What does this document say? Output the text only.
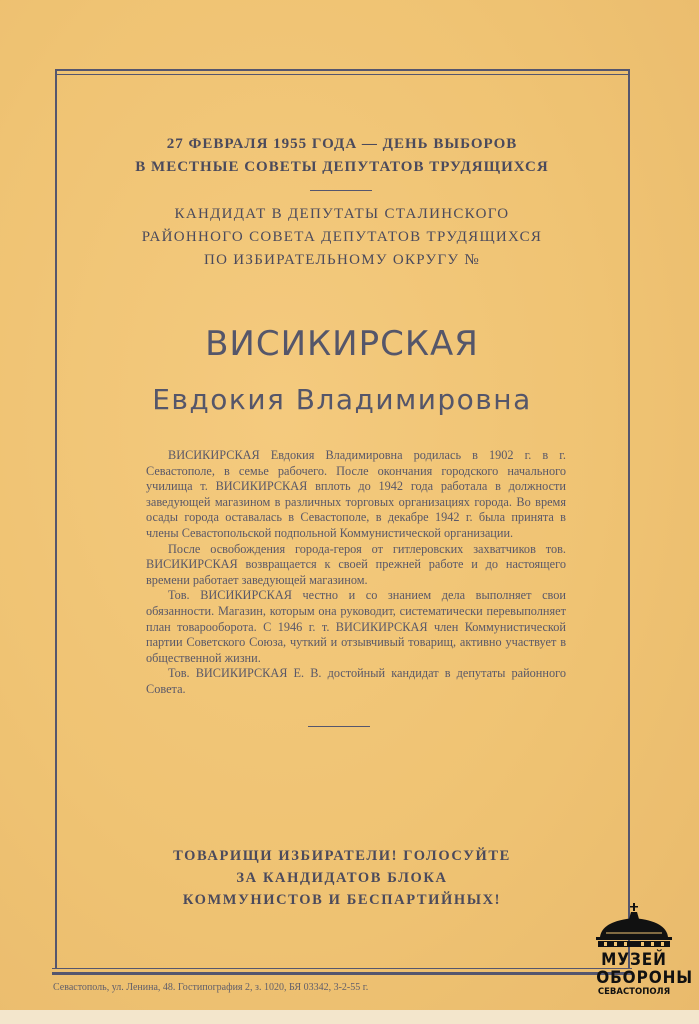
27 ФЕВРАЛЯ 1955 ГОДА — ДЕНЬ ВЫБОРОВ
В МЕСТНЫЕ СОВЕТЫ ДЕПУТАТОВ ТРУДЯЩИХСЯ
КАНДИДАТ В ДЕПУТАТЫ СТАЛИНСКОГО
РАЙОННОГО СОВЕТА ДЕПУТАТОВ ТРУДЯЩИХСЯ
ПО ИЗБИРАТЕЛЬНОМУ ОКРУГУ №
ВИСИКИРСКАЯ
Евдокия Владимировна

ВИСИКИРСКАЯ Евдокия Владимировна родилась в 1902 г. в г. Севастополе, в семье рабочего. После окончания городского начального училища т. ВИСИКИРСКАЯ вплоть до 1942 года работала в должности заведующей магазином в различных торговых организациях города. Во время осады города оставалась в Севастополе, в декабре 1942 г. была принята в члены Севастопольской подпольной Коммунистической организации.

После освобождения города-героя от гитлеровских захватчиков тов. ВИСИКИРСКАЯ возвращается к своей прежней работе и до настоящего времени работает заведующей магазином.

Тов. ВИСИКИРСКАЯ честно и со знанием дела выполняет свои обязанности. Магазин, которым она руководит, систематически перевыполняет план товарооборота. С 1946 г. т. ВИСИКИРСКАЯ член Коммунистической партии Советского Союза, чуткий и отзывчивый товарищ, активно участвует в общественной жизни.

Тов. ВИСИКИРСКАЯ Е. В. достойный кандидат в депутаты районного Совета.

ТОВАРИЩИ ИЗБИРАТЕЛИ! ГОЛОСУЙТЕ
ЗА КАНДИДАТОВ БЛОКА
КОММУНИСТОВ И БЕСПАРТИЙНЫХ!
Севастополь, ул. Ленина, 48. Гостипография 2, з. 1020, БЯ 03342, 3-2-55 г.
МУЗЕЙ
ОБОРОНЫ
СЕВАСТОПОЛЯ
